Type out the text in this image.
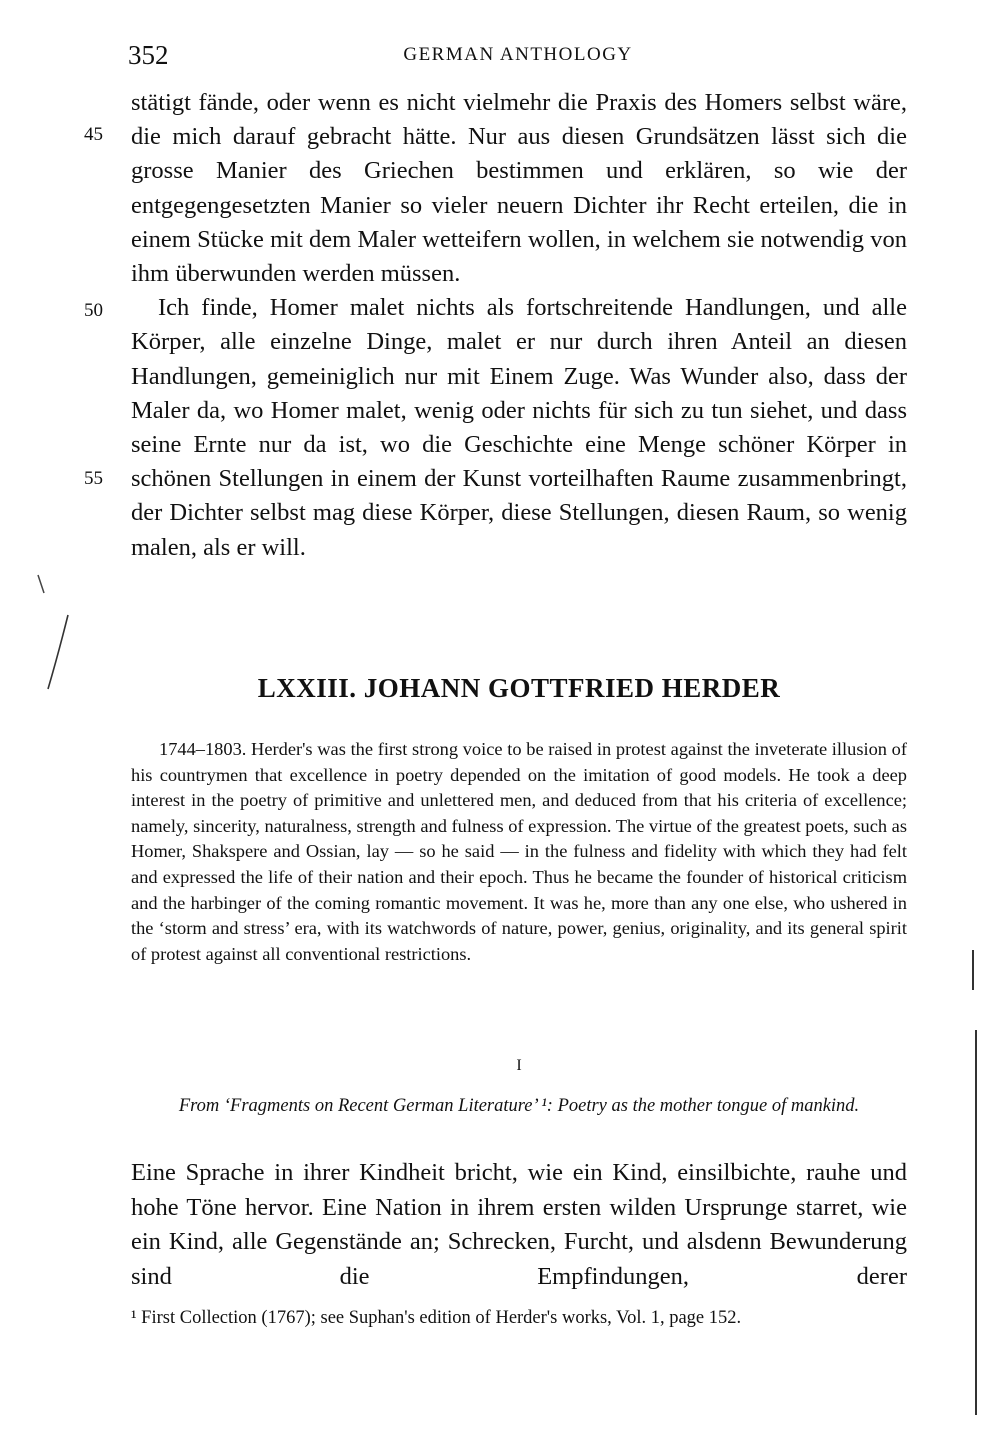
352	GERMAN ANTHOLOGY
45
50
55

stätigt fände, oder wenn es nicht vielmehr die Praxis des Homers selbst wäre, die mich darauf gebracht hätte. Nur aus diesen Grundsätzen lässt sich die grosse Manier des Griechen bestimmen und erklären, so wie der entgegengesetzten Manier so vieler neuern Dichter ihr Recht erteilen, die in einem Stücke mit dem Maler wetteifern wollen, in welchem sie notwendig von ihm überwunden werden müssen.

Ich finde, Homer malet nichts als fortschreitende Handlungen, und alle Körper, alle einzelne Dinge, malet er nur durch ihren Anteil an diesen Handlungen, gemeiniglich nur mit Einem Zuge. Was Wunder also, dass der Maler da, wo Homer malet, wenig oder nichts für sich zu tun siehet, und dass seine Ernte nur da ist, wo die Geschichte eine Menge schöner Körper in schönen Stellungen in einem der Kunst vorteilhaften Raume zusammenbringt, der Dichter selbst mag diese Körper, diese Stellungen, diesen Raum, so wenig malen, als er will.

LXXIII. JOHANN GOTTFRIED HERDER

1744–1803. Herder's was the first strong voice to be raised in protest against the inveterate illusion of his countrymen that excellence in poetry depended on the imitation of good models. He took a deep interest in the poetry of primitive and unlettered men, and deduced from that his criteria of excellence; namely, sincerity, naturalness, strength and fulness of expression. The virtue of the greatest poets, such as Homer, Shakspere and Ossian, lay — so he said — in the fulness and fidelity with which they had felt and expressed the life of their nation and their epoch. Thus he became the founder of historical criticism and the harbinger of the coming romantic movement. It was he, more than any one else, who ushered in the ‘storm and stress’ era, with its watchwords of nature, power, genius, originality, and its general spirit of protest against all conventional restrictions.

I
From ‘Fragments on Recent German Literature’ ¹: Poetry as the mother tongue of mankind.

Eine Sprache in ihrer Kindheit bricht, wie ein Kind, einsilbichte, rauhe und hohe Töne hervor. Eine Nation in ihrem ersten wilden Ursprunge starret, wie ein Kind, alle Gegenstände an; Schrecken, Furcht, und alsdenn Bewunderung sind die Empfindungen, derer

¹ First Collection (1767); see Suphan's edition of Herder's works, Vol. 1, page 152.
